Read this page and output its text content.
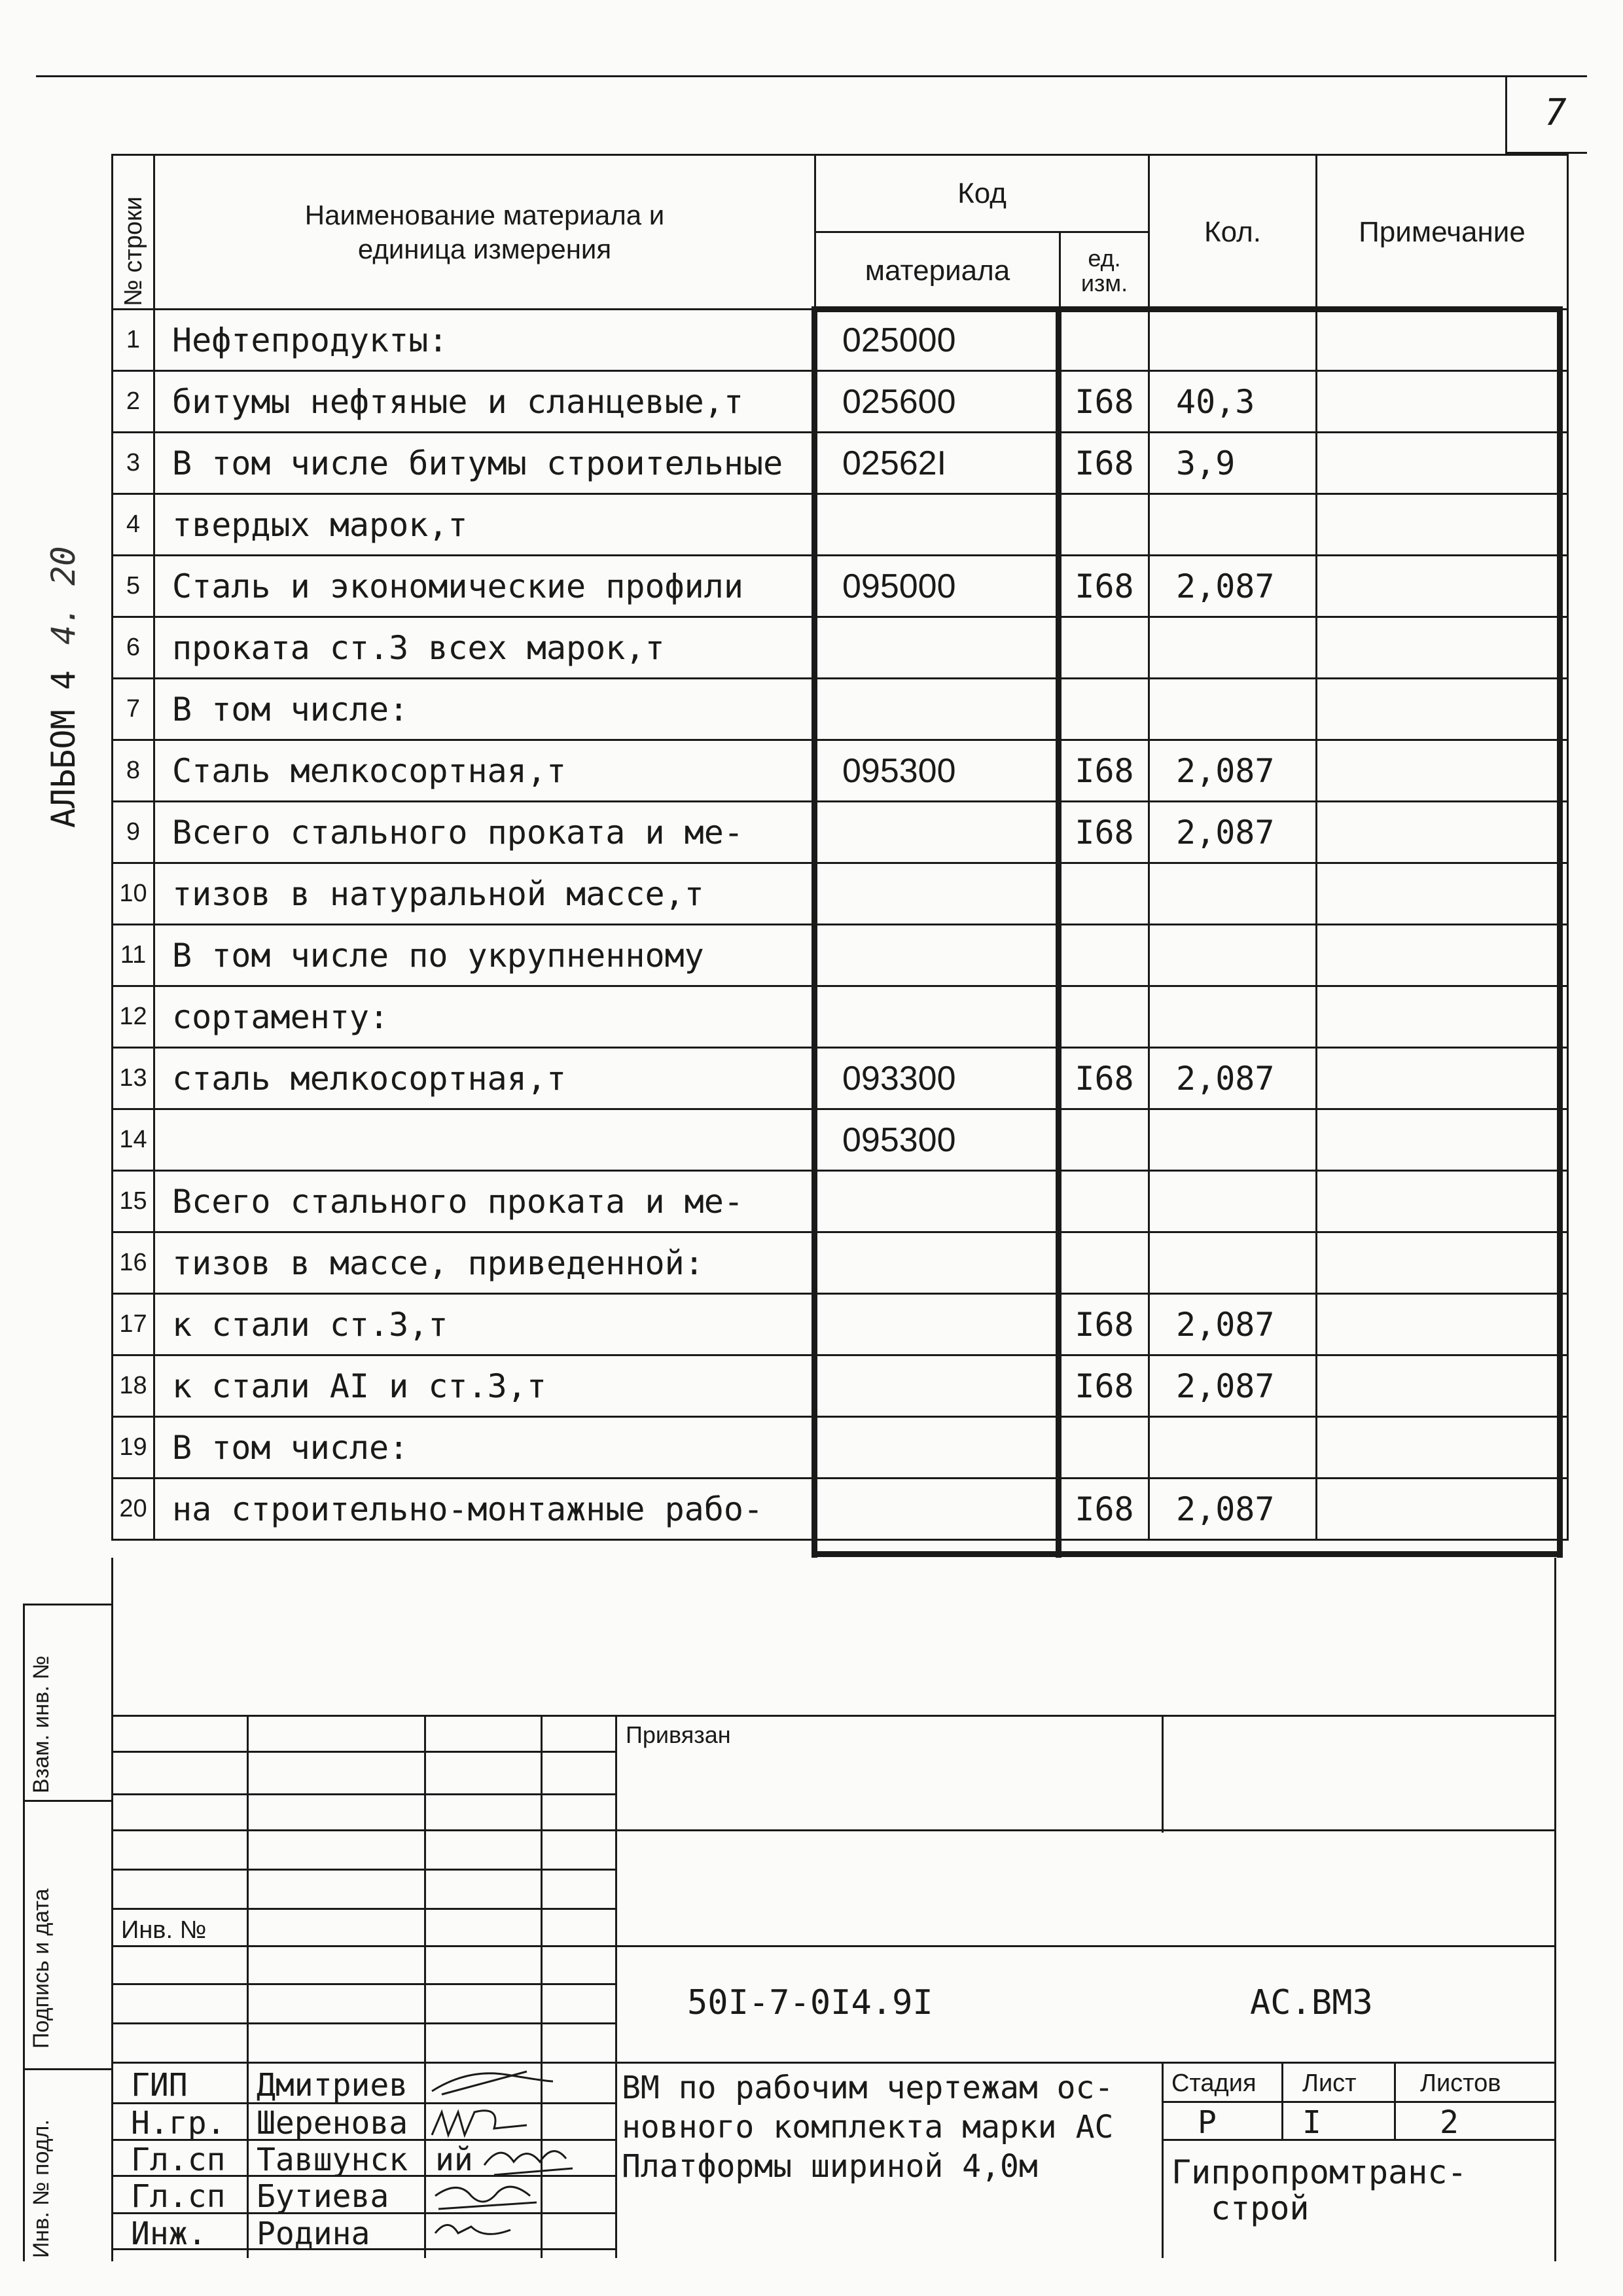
7
АЛЬБОМ 4
4. 20
№ строки	Наименование материала и единица измерения	Код		Кол.	Примечание
		материала	ед. изм.		
1	Нефтепродукты:	025000			
2	битумы нефтяные и сланцевые,т	025600	I68	40,3	
3	В том числе битумы строительные	02562I	I68	3,9	
4	твердых марок,т				
5	Сталь и экономические профили	095000	I68	2,087	
6	проката ст.3 всех марок,т				
7	В том числе:				
8	Сталь мелкосортная,т	095300	I68	2,087	
9	Всего стального проката и ме-		I68	2,087	
10	тизов в натуральной массе,т				
11	В том числе по укрупненному				
12	сортаменту:				
13	сталь мелкосортная,т	093300	I68	2,087	
14		095300			
15	Всего стального проката и ме-				
16	тизов в массе, приведенной:				
17	к стали ст.3,т		I68	2,087	
18	к стали AI и ст.3,т		I68	2,087	
19	В том числе:				
20	на строительно-монтажные рабо-		I68	2,087	
Взам. инв. №
Подпись и дата
Инв. № подл.
Привязан
Инв. №
50I-7-0I4.9I	АС.ВМЗ
ВМ по рабочим чертежам ос-
новного комплекта марки АС
Платформы шириной 4,0м
Стадия Лист	Листов
Р	I	2
Гипропромтранс-
строй
ГИП Дмитриев
Н.гр. Шеренова
Гл.сп Тавшунск ий
Гл.сп Бутиева
Инж. Родина
